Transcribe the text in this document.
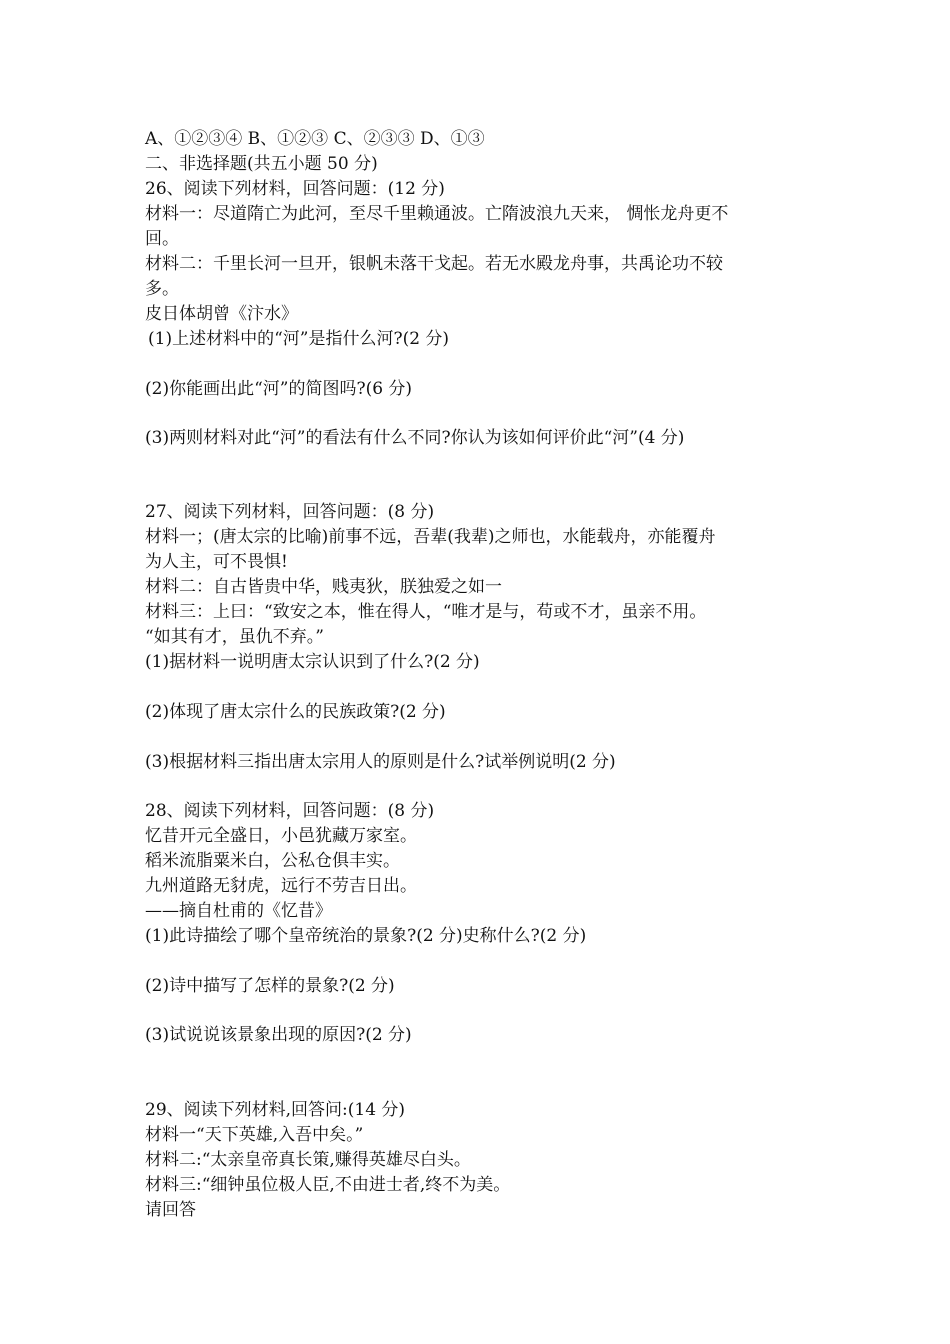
A、①②③④ B、①②③ C、②③③ D、①③
二、非选择题(共五小题 50 分)
26、阅读下列材料，回答问题：(12 分)
材料一：尽道隋亡为此河，至尽千里赖通波。亡隋波浪九天来， 惆怅龙舟更不
回。
材料二：千里长河一旦开，银帆未落干戈起。若无水殿龙舟事，共禹论功不较
多。
皮日体胡曾《汴水》
(1)上述材料中的“河”是指什么河?(2 分)
(2)你能画出此“河”的简图吗?(6 分)
(3)两则材料对此“河”的看法有什么不同?你认为该如何评价此“河”(4 分)
27、阅读下列材料，回答问题：(8 分)
材料一；(唐太宗的比喻)前事不远，吾辈(我辈)之师也，水能载舟，亦能覆舟
为人主，可不畏惧!
材料二：自古皆贵中华，贱夷狄，朕独爱之如一
材料三：上曰：“致安之本，惟在得人，“唯才是与，苟或不才，虽亲不用。
“如其有才，虽仇不弃。”
(1)据材料一说明唐太宗认识到了什么?(2 分)
(2)体现了唐太宗什么的民族政策?(2 分)
(3)根据材料三指出唐太宗用人的原则是什么?试举例说明(2 分)
28、阅读下列材料，回答问题：(8 分)
忆昔开元全盛日，小邑犹藏万家室。
稻米流脂粟米白，公私仓俱丰实。
九州道路无豺虎，远行不劳吉日出。
——摘自杜甫的《忆昔》
(1)此诗描绘了哪个皇帝统治的景象?(2 分)史称什么?(2 分)
(2)诗中描写了怎样的景象?(2 分)
(3)试说说该景象出现的原因?(2 分)
29、阅读下列材料,回答问:(14 分)
材料一“天下英雄,入吾中矣。”
材料二:“太亲皇帝真长策,赚得英雄尽白头。
材料三:“细钟虽位极人臣,不由进士者,终不为美。
请回答
